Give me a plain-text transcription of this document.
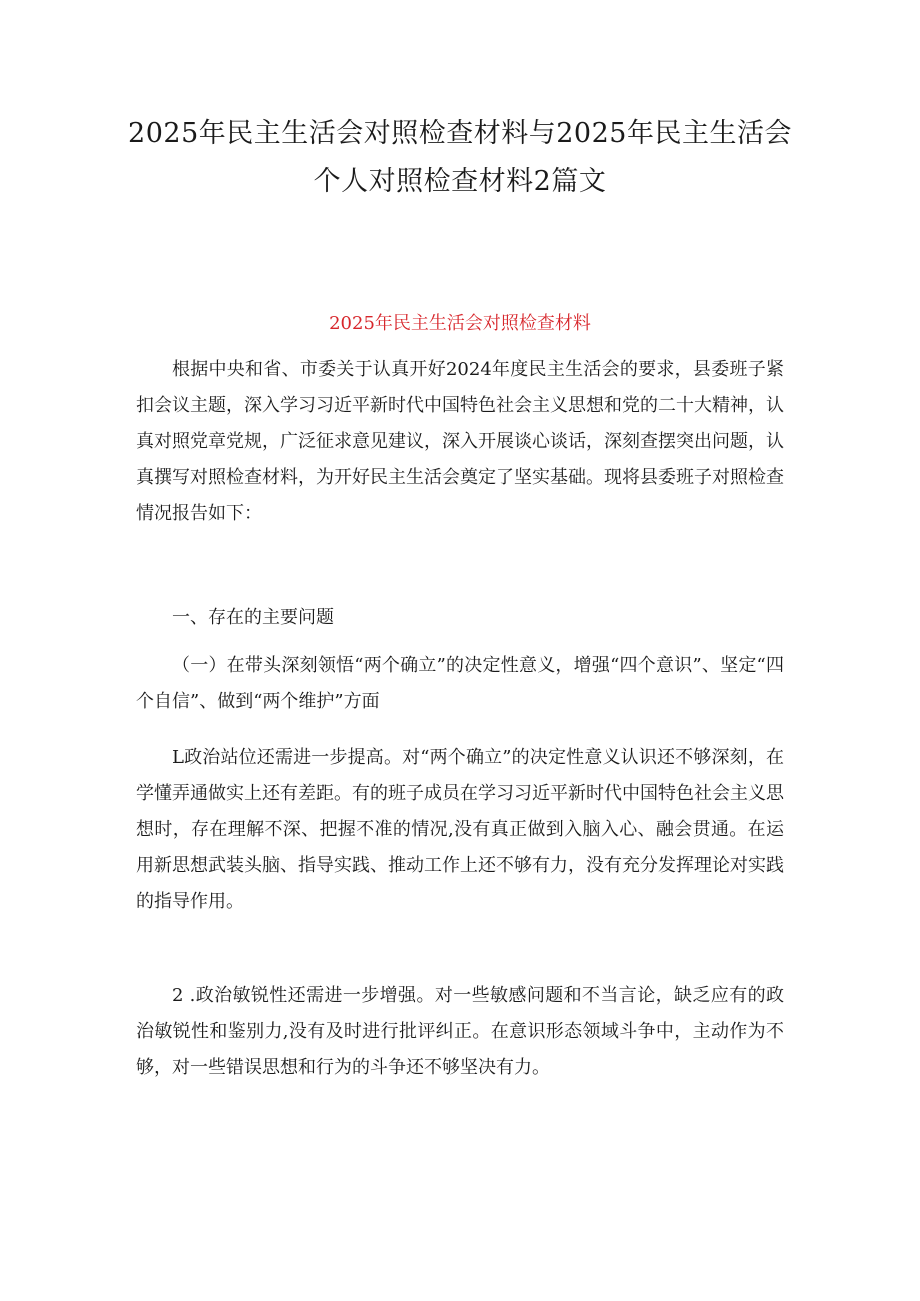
2025年民主生活会对照检查材料与2025年民主生活会个人对照检查材料2篇文
2025年民主生活会对照检查材料

根据中央和省、市委关于认真开好2024年度民主生活会的要求，县委班子紧扣会议主题，深入学习习近平新时代中国特色社会主义思想和党的二十大精神，认真对照党章党规，广泛征求意见建议，深入开展谈心谈话，深刻查摆突出问题，认真撰写对照检查材料，为开好民主生活会奠定了坚实基础。现将县委班子对照检查情况报告如下：

一、存在的主要问题

（一）在带头深刻领悟“两个确立”的决定性意义，增强“四个意识”、坚定“四个自信”、做到“两个维护”方面

L政治站位还需进一步提高。对“两个确立”的决定性意义认识还不够深刻，在学懂弄通做实上还有差距。有的班子成员在学习习近平新时代中国特色社会主义思想时，存在理解不深、把握不准的情况,没有真正做到入脑入心、融会贯通。在运用新思想武装头脑、指导实践、推动工作上还不够有力，没有充分发挥理论对实践的指导作用。

2 .政治敏锐性还需进一步增强。对一些敏感问题和不当言论，缺乏应有的政治敏锐性和鉴别力,没有及时进行批评纠正。在意识形态领域斗争中，主动作为不够，对一些错误思想和行为的斗争还不够坚决有力。
